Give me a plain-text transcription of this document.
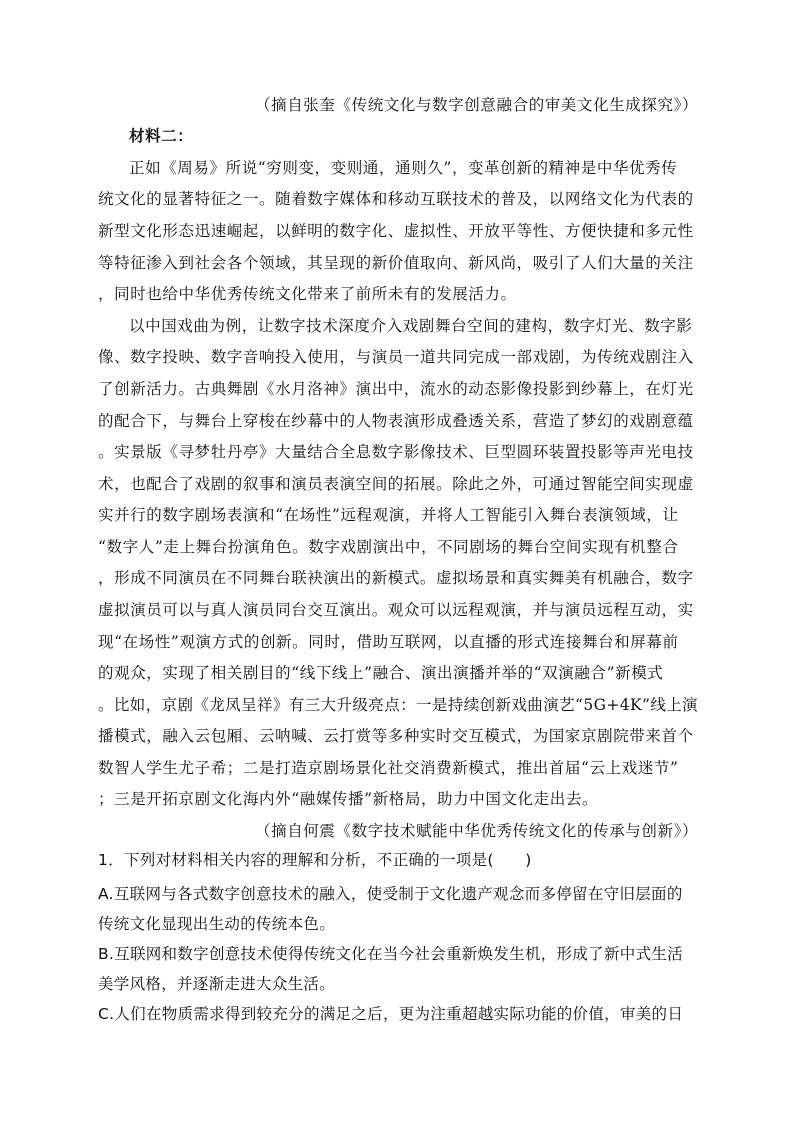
（摘自张奎《传统文化与数字创意融合的审美文化生成探究》）
材料二：
正如《周易》所说“穷则变，变则通，通则久”，变革创新的精神是中华优秀传
统文化的显著特征之一。随着数字媒体和移动互联技术的普及，以网络文化为代表的
新型文化形态迅速崛起，以鲜明的数字化、虚拟性、开放平等性、方便快捷和多元性
等特征渗入到社会各个领域，其呈现的新价值取向、新风尚，吸引了人们大量的关注
，同时也给中华优秀传统文化带来了前所未有的发展活力。
以中国戏曲为例，让数字技术深度介入戏剧舞台空间的建构，数字灯光、数字影
像、数字投映、数字音响投入使用，与演员一道共同完成一部戏剧，为传统戏剧注入
了创新活力。古典舞剧《水月洛神》演出中，流水的动态影像投影到纱幕上，在灯光
的配合下，与舞台上穿梭在纱幕中的人物表演形成叠透关系，营造了梦幻的戏剧意蕴
。实景版《寻梦牡丹亭》大量结合全息数字影像技术、巨型圆环装置投影等声光电技
术，也配合了戏剧的叙事和演员表演空间的拓展。除此之外，可通过智能空间实现虚
实并行的数字剧场表演和“在场性”远程观演，并将人工智能引入舞台表演领域，让
“数字人”走上舞台扮演角色。数字戏剧演出中，不同剧场的舞台空间实现有机整合
，形成不同演员在不同舞台联袂演出的新模式。虚拟场景和真实舞美有机融合，数字
虚拟演员可以与真人演员同台交互演出。观众可以远程观演，并与演员远程互动，实
现“在场性”观演方式的创新。同时，借助互联网，以直播的形式连接舞台和屏幕前
的观众，实现了相关剧目的“线下线上”融合、演出演播并举的“双演融合”新模式
。比如，京剧《龙凤呈祥》有三大升级亮点：一是持续创新戏曲演艺“5G+4K”线上演
播模式，融入云包厢、云呐喊、云打赏等多种实时交互模式，为国家京剧院带来首个
数智人学生尤子希；二是打造京剧场景化社交消费新模式，推出首届“云上戏迷节”
；三是开拓京剧文化海内外“融媒传播”新格局，助力中国文化走出去。
（摘自何震《数字技术赋能中华优秀传统文化的传承与创新》）
1．下列对材料相关内容的理解和分析，不正确的一项是(　　)
A.互联网与各式数字创意技术的融入，使受制于文化遗产观念而多停留在守旧层面的
传统文化显现出生动的传统本色。
B.互联网和数字创意技术使得传统文化在当今社会重新焕发生机，形成了新中式生活
美学风格，并逐渐走进大众生活。
C.人们在物质需求得到较充分的满足之后，更为注重超越实际功能的价值，审美的日
